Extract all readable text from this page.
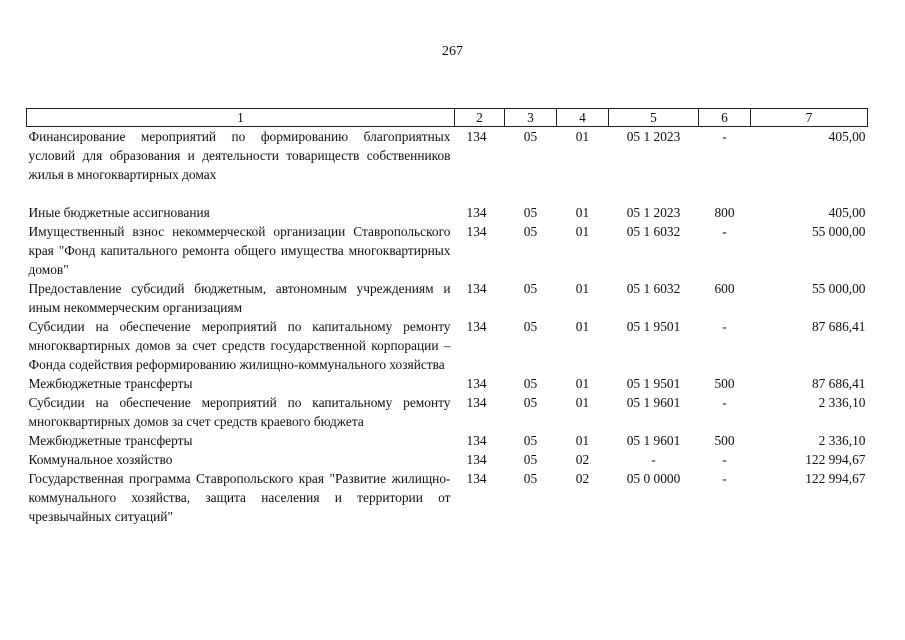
267
1	2	3	4	5	6	7
Финансирование мероприятий по формированию благоприятных условий для образования и деятельности товариществ собственников жилья в многоквартирных домах	134	05	01	05 1 2023	-	405,00

Иные бюджетные ассигнования	134	05	01	05 1 2023	800	405,00
Имущественный взнос некоммерческой организации Ставропольского края "Фонд капитального ремонта общего имущества многоквартирных домов"	134	05	01	05 1 6032	-	55 000,00
Предоставление субсидий бюджетным, автономным учреждениям и иным некоммерческим организациям	134	05	01	05 1 6032	600	55 000,00
Субсидии на обеспечение мероприятий по капитальному ремонту многоквартирных домов за счет средств государственной корпорации – Фонда содействия реформированию жилищно-коммунального хозяйства	134	05	01	05 1 9501	-	87 686,41
Межбюджетные трансферты	134	05	01	05 1 9501	500	87 686,41
Субсидии на обеспечение мероприятий по капитальному ремонту многоквартирных домов за счет средств краевого бюджета	134	05	01	05 1 9601	-	2 336,10
Межбюджетные трансферты	134	05	01	05 1 9601	500	2 336,10
Коммунальное хозяйство	134	05	02	-	-	122 994,67
Государственная программа Ставропольского края "Развитие жилищно-коммунального хозяйства, защита населения и территории от чрезвычайных ситуаций"	134	05	02	05 0 0000	-	122 994,67
